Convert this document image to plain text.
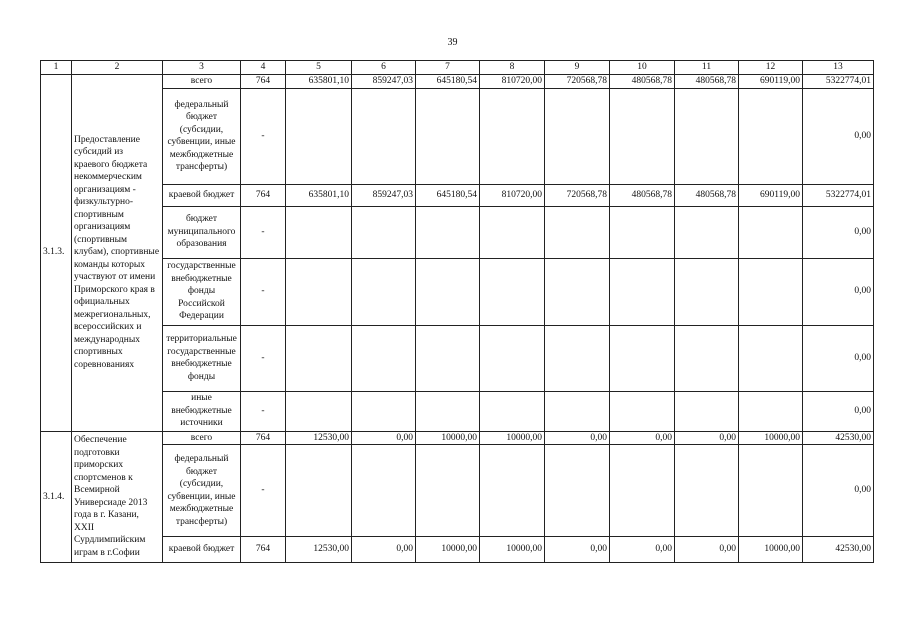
39
1	2	3	4	5	6	7	8	9	10	11	12	13
3.1.3.	Предоставление субсидий из краевого бюджета некоммерческим организациям - физкультурно-спортивным организациям (спортивным клубам), спортивные команды которых участвуют от имени Приморского края в официальных межрегиональных, всероссийских и международных спортивных соревнованиях	всего	764	635801,10	859247,03	645180,54	810720,00	720568,78	480568,78	480568,78	690119,00	5322774,01
		федеральный бюджет (субсидии, субвенции, иные межбюджетные трансферты)	-									0,00
		краевой бюджет	764	635801,10	859247,03	645180,54	810720,00	720568,78	480568,78	480568,78	690119,00	5322774,01
		бюджет муниципального образования	-									0,00
		государственные внебюджетные фонды Российской Федерации	-									0,00
		территориальные государственные внебюджетные фонды	-									0,00
		иные внебюджетные источники	-									0,00
3.1.4.	Обеспечение подготовки приморских спортсменов к Всемирной Универсиаде 2013 года в г. Казани, XXII Сурдлимпийским играм в г.Софии	всего	764	12530,00	0,00	10000,00	10000,00	0,00	0,00	0,00	10000,00	42530,00
		федеральный бюджет (субсидии, субвенции, иные межбюджетные трансферты)	-									0,00
		краевой бюджет	764	12530,00	0,00	10000,00	10000,00	0,00	0,00	0,00	10000,00	42530,00
